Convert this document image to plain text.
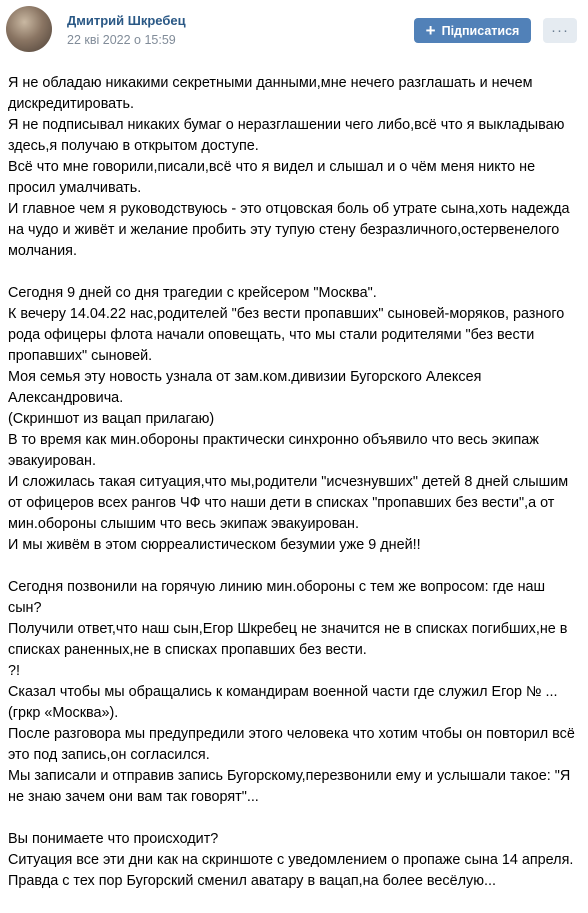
Дмитрий Шкребец
22 кві 2022 о 15:59
+ Підписатися ···
Я не обладаю никакими секретными данными,мне нечего разглашать и нечем
дискредитировать.
Я не подписывал никаких бумаг о неразглашении чего либо,всё что я выкладываю
здесь,я получаю в открытом доступе.
Всё что мне говорили,писали,всё что я видел и слышал и о чём меня никто не
просил умалчивать.
И главное чем я руководствуюсь - это отцовская боль об утрате сына,хоть надежда
на чудо и живёт и желание пробить эту тупую стену безразличного,остервенелого
молчания.
Сегодня 9 дней со дня трагедии с крейсером "Москва".
К вечеру 14.04.22 нас,родителей "без вести пропавших" сыновей-моряков, разного
рода офицеры флота начали оповещать, что мы стали родителями "без вести
пропавших" сыновей.
Моя семья эту новость узнала от зам.ком.дивизии Бугорского Алексея
Александровича.
(Скриншот из вацап прилагаю)
В то время как мин.обороны практически синхронно объявило что весь экипаж
эвакуирован.
И сложилась такая ситуация,что мы,родители "исчезнувших" детей 8 дней слышим
от офицеров всех рангов ЧФ что наши дети в списках "пропавших без вести",а от
мин.обороны слышим что весь экипаж эвакуирован.
И мы живём в этом сюрреалистическом безумии уже 9 дней!!
Сегодня позвонили на горячую линию мин.обороны с тем же вопросом: где наш
сын?
Получили ответ,что наш сын,Егор Шкребец не значится не в списках погибших,не в
списках раненных,не в списках пропавших без вести.
?!
Сказал чтобы мы обращались к командирам военной части где служил Егор № ...
(гркр «Москва»).
После разговора мы предупредили этого человека что хотим чтобы он повторил всё
это под запись,он согласился.
Мы записали и отправив запись Бугорскому,перезвонили ему и услышали такое: "Я
не знаю зачем они вам так говорят"...
Вы понимаете что происходит?
Ситуация все эти дни как на скриншоте с уведомлением о пропаже сына 14 апреля.
Правда с тех пор Бугорский сменил аватару в вацап,на более весёлую...
